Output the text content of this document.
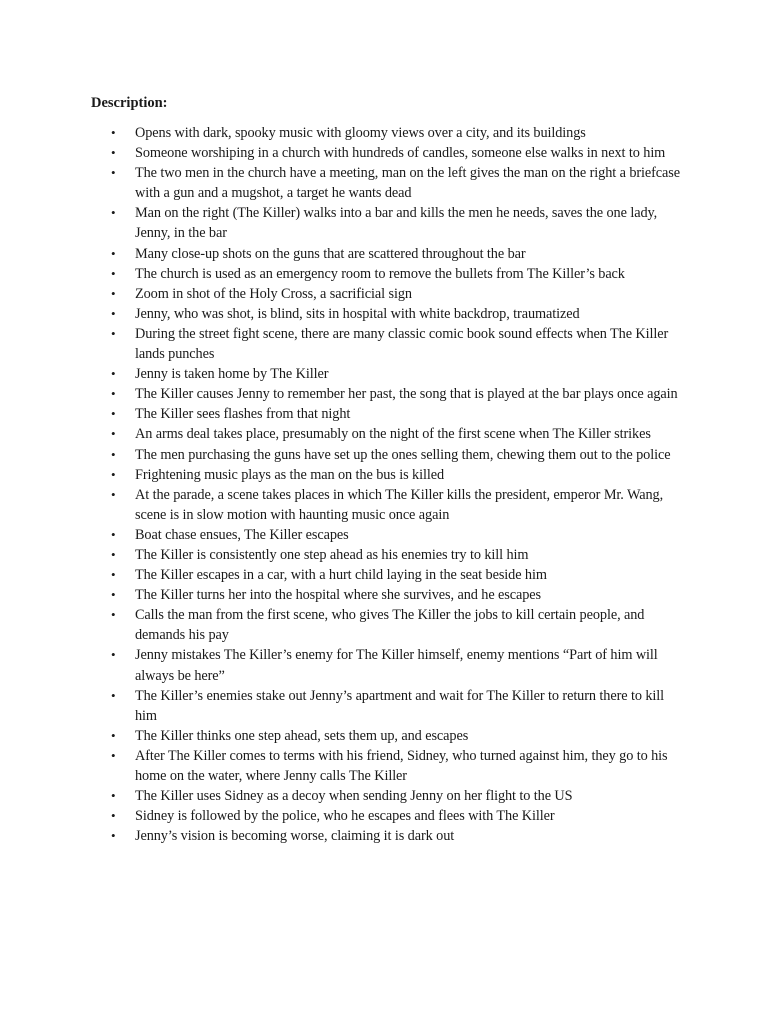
Description:
•	Opens with dark, spooky music with gloomy views over a city, and its buildings
•	Someone worshiping in a church with hundreds of candles, someone else walks in next to him
•	The two men in the church have a meeting, man on the left gives the man on the right a briefcase with a gun and a mugshot, a target he wants dead
•	Man on the right (The Killer) walks into a bar and kills the men he needs, saves the one lady, Jenny, in the bar
•	Many close-up shots on the guns that are scattered throughout the bar
•	The church is used as an emergency room to remove the bullets from The Killer’s back
•	Zoom in shot of the Holy Cross, a sacrificial sign
•	Jenny, who was shot, is blind, sits in hospital with white backdrop, traumatized
•	During the street fight scene, there are many classic comic book sound effects when The Killer lands punches
•	Jenny is taken home by The Killer
•	The Killer causes Jenny to remember her past, the song that is played at the bar plays once again
•	The Killer sees flashes from that night
•	An arms deal takes place, presumably on the night of the first scene when The Killer strikes
•	The men purchasing the guns have set up the ones selling them, chewing them out to the police
•	Frightening music plays as the man on the bus is killed
•	At the parade, a scene takes places in which The Killer kills the president, emperor Mr. Wang, scene is in slow motion with haunting music once again
•	Boat chase ensues, The Killer escapes
•	The Killer is consistently one step ahead as his enemies try to kill him
•	The Killer escapes in a car, with a hurt child laying in the seat beside him
•	The Killer turns her into the hospital where she survives, and he escapes
•	Calls the man from the first scene, who gives The Killer the jobs to kill certain people, and demands his pay
•	Jenny mistakes The Killer’s enemy for The Killer himself, enemy mentions “Part of him will always be here”
•	The Killer’s enemies stake out Jenny’s apartment and wait for The Killer to return there to kill him
•	The Killer thinks one step ahead, sets them up, and escapes
•	After The Killer comes to terms with his friend, Sidney, who turned against him, they go to his home on the water, where Jenny calls The Killer
•	The Killer uses Sidney as a decoy when sending Jenny on her flight to the US
•	Sidney is followed by the police, who he escapes and flees with The Killer
•	Jenny’s vision is becoming worse, claiming it is dark out
